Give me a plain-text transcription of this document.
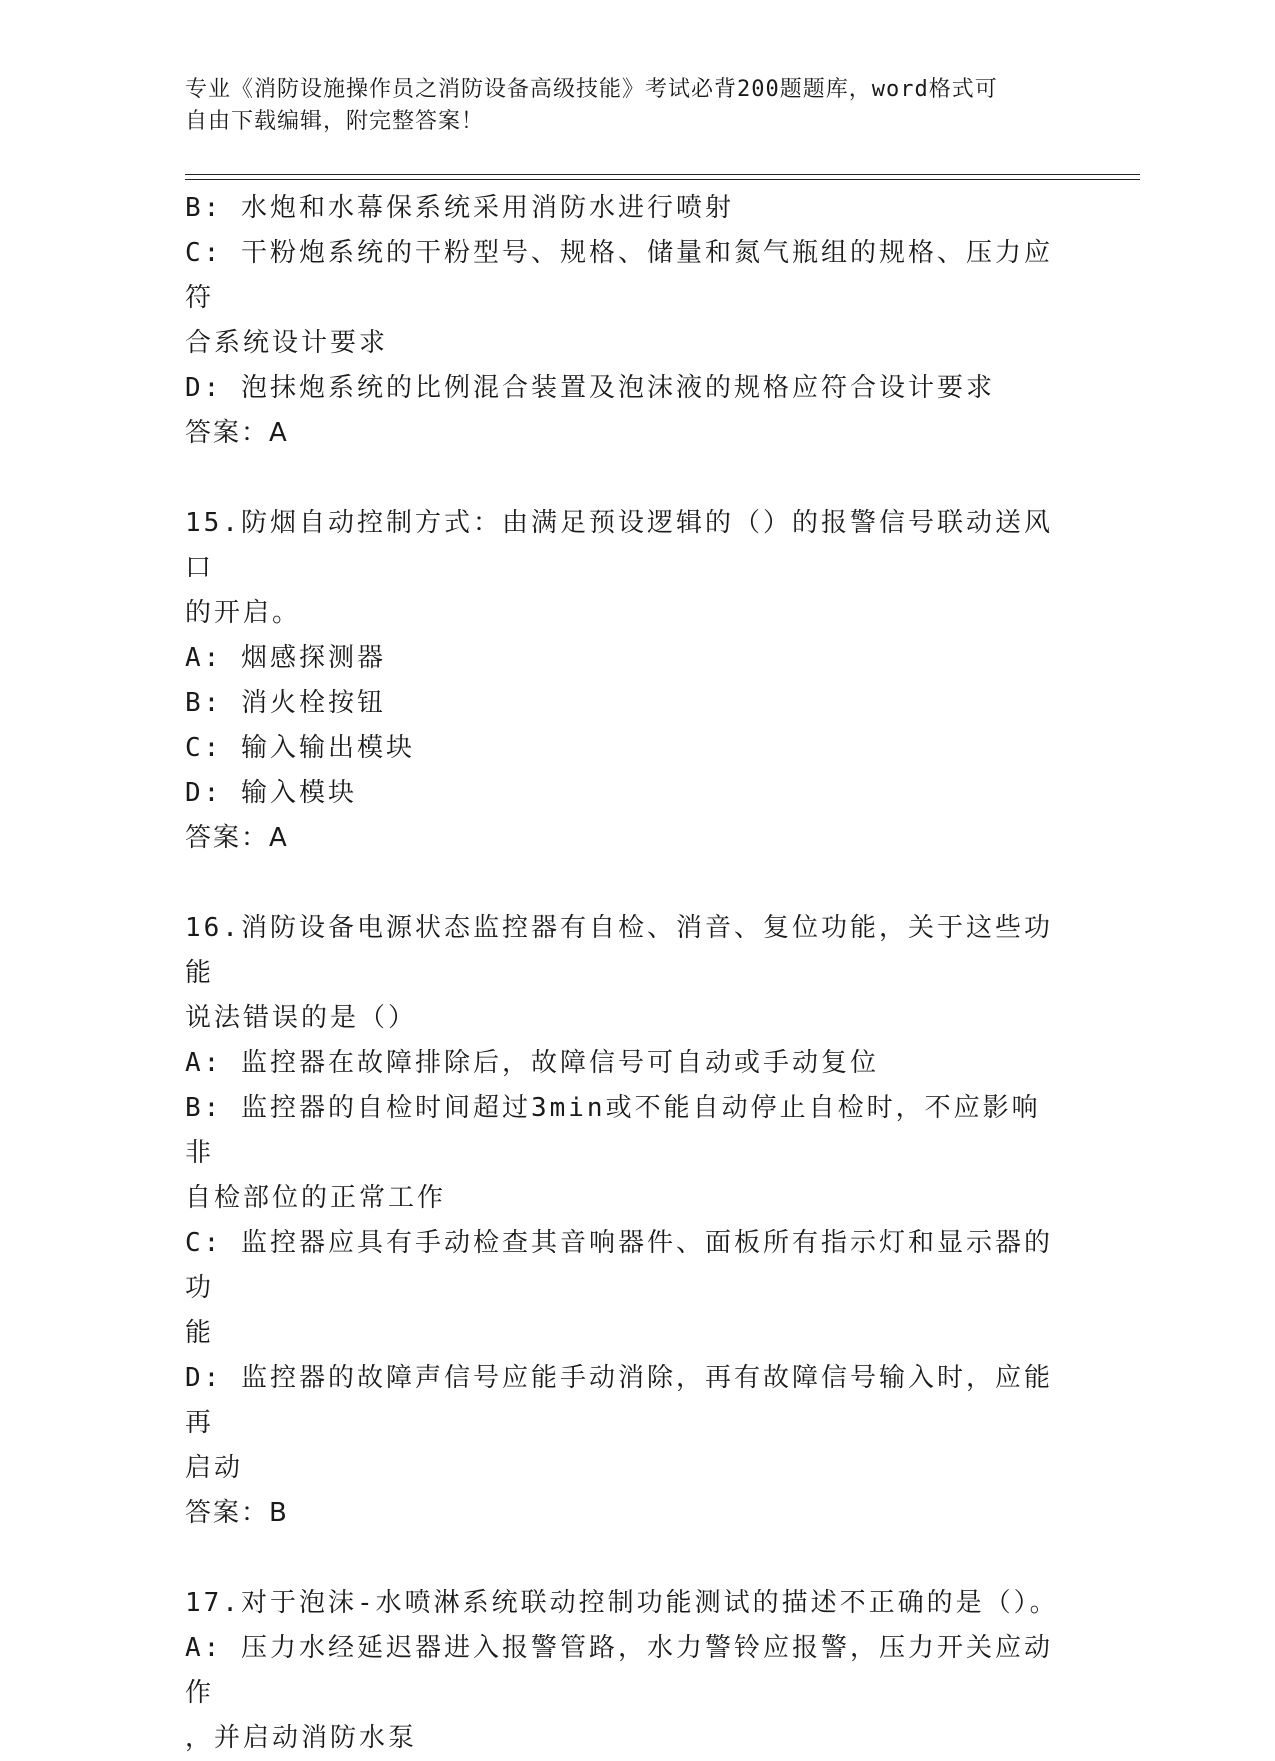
专业《消防设施操作员之消防设备高级技能》考试必背200题题库，word格式可
自由下载编辑，附完整答案！

B: 水炮和水幕保系统采用消防水进行喷射

C: 干粉炮系统的干粉型号、规格、储量和氮气瓶组的规格、压力应符

合系统设计要求

D: 泡抹炮系统的比例混合装置及泡沫液的规格应符合设计要求

答案：A

15.防烟自动控制方式：由满足预设逻辑的（）的报警信号联动送风口

的开启。

A: 烟感探测器

B: 消火栓按钮

C: 输入输出模块

D: 输入模块

答案：A

16.消防设备电源状态监控器有自检、消音、复位功能，关于这些功能

说法错误的是（）

A: 监控器在故障排除后，故障信号可自动或手动复位

B: 监控器的自检时间超过3min或不能自动停止自检时，不应影响非

自检部位的正常工作

C: 监控器应具有手动检查其音响器件、面板所有指示灯和显示器的功

能

D: 监控器的故障声信号应能手动消除，再有故障信号输入时，应能再

启动

答案：B

17.对于泡沫-水喷淋系统联动控制功能测试的描述不正确的是（）。

A: 压力水经延迟器进入报警管路，水力警铃应报警，压力开关应动作

，并启动消防水泵
